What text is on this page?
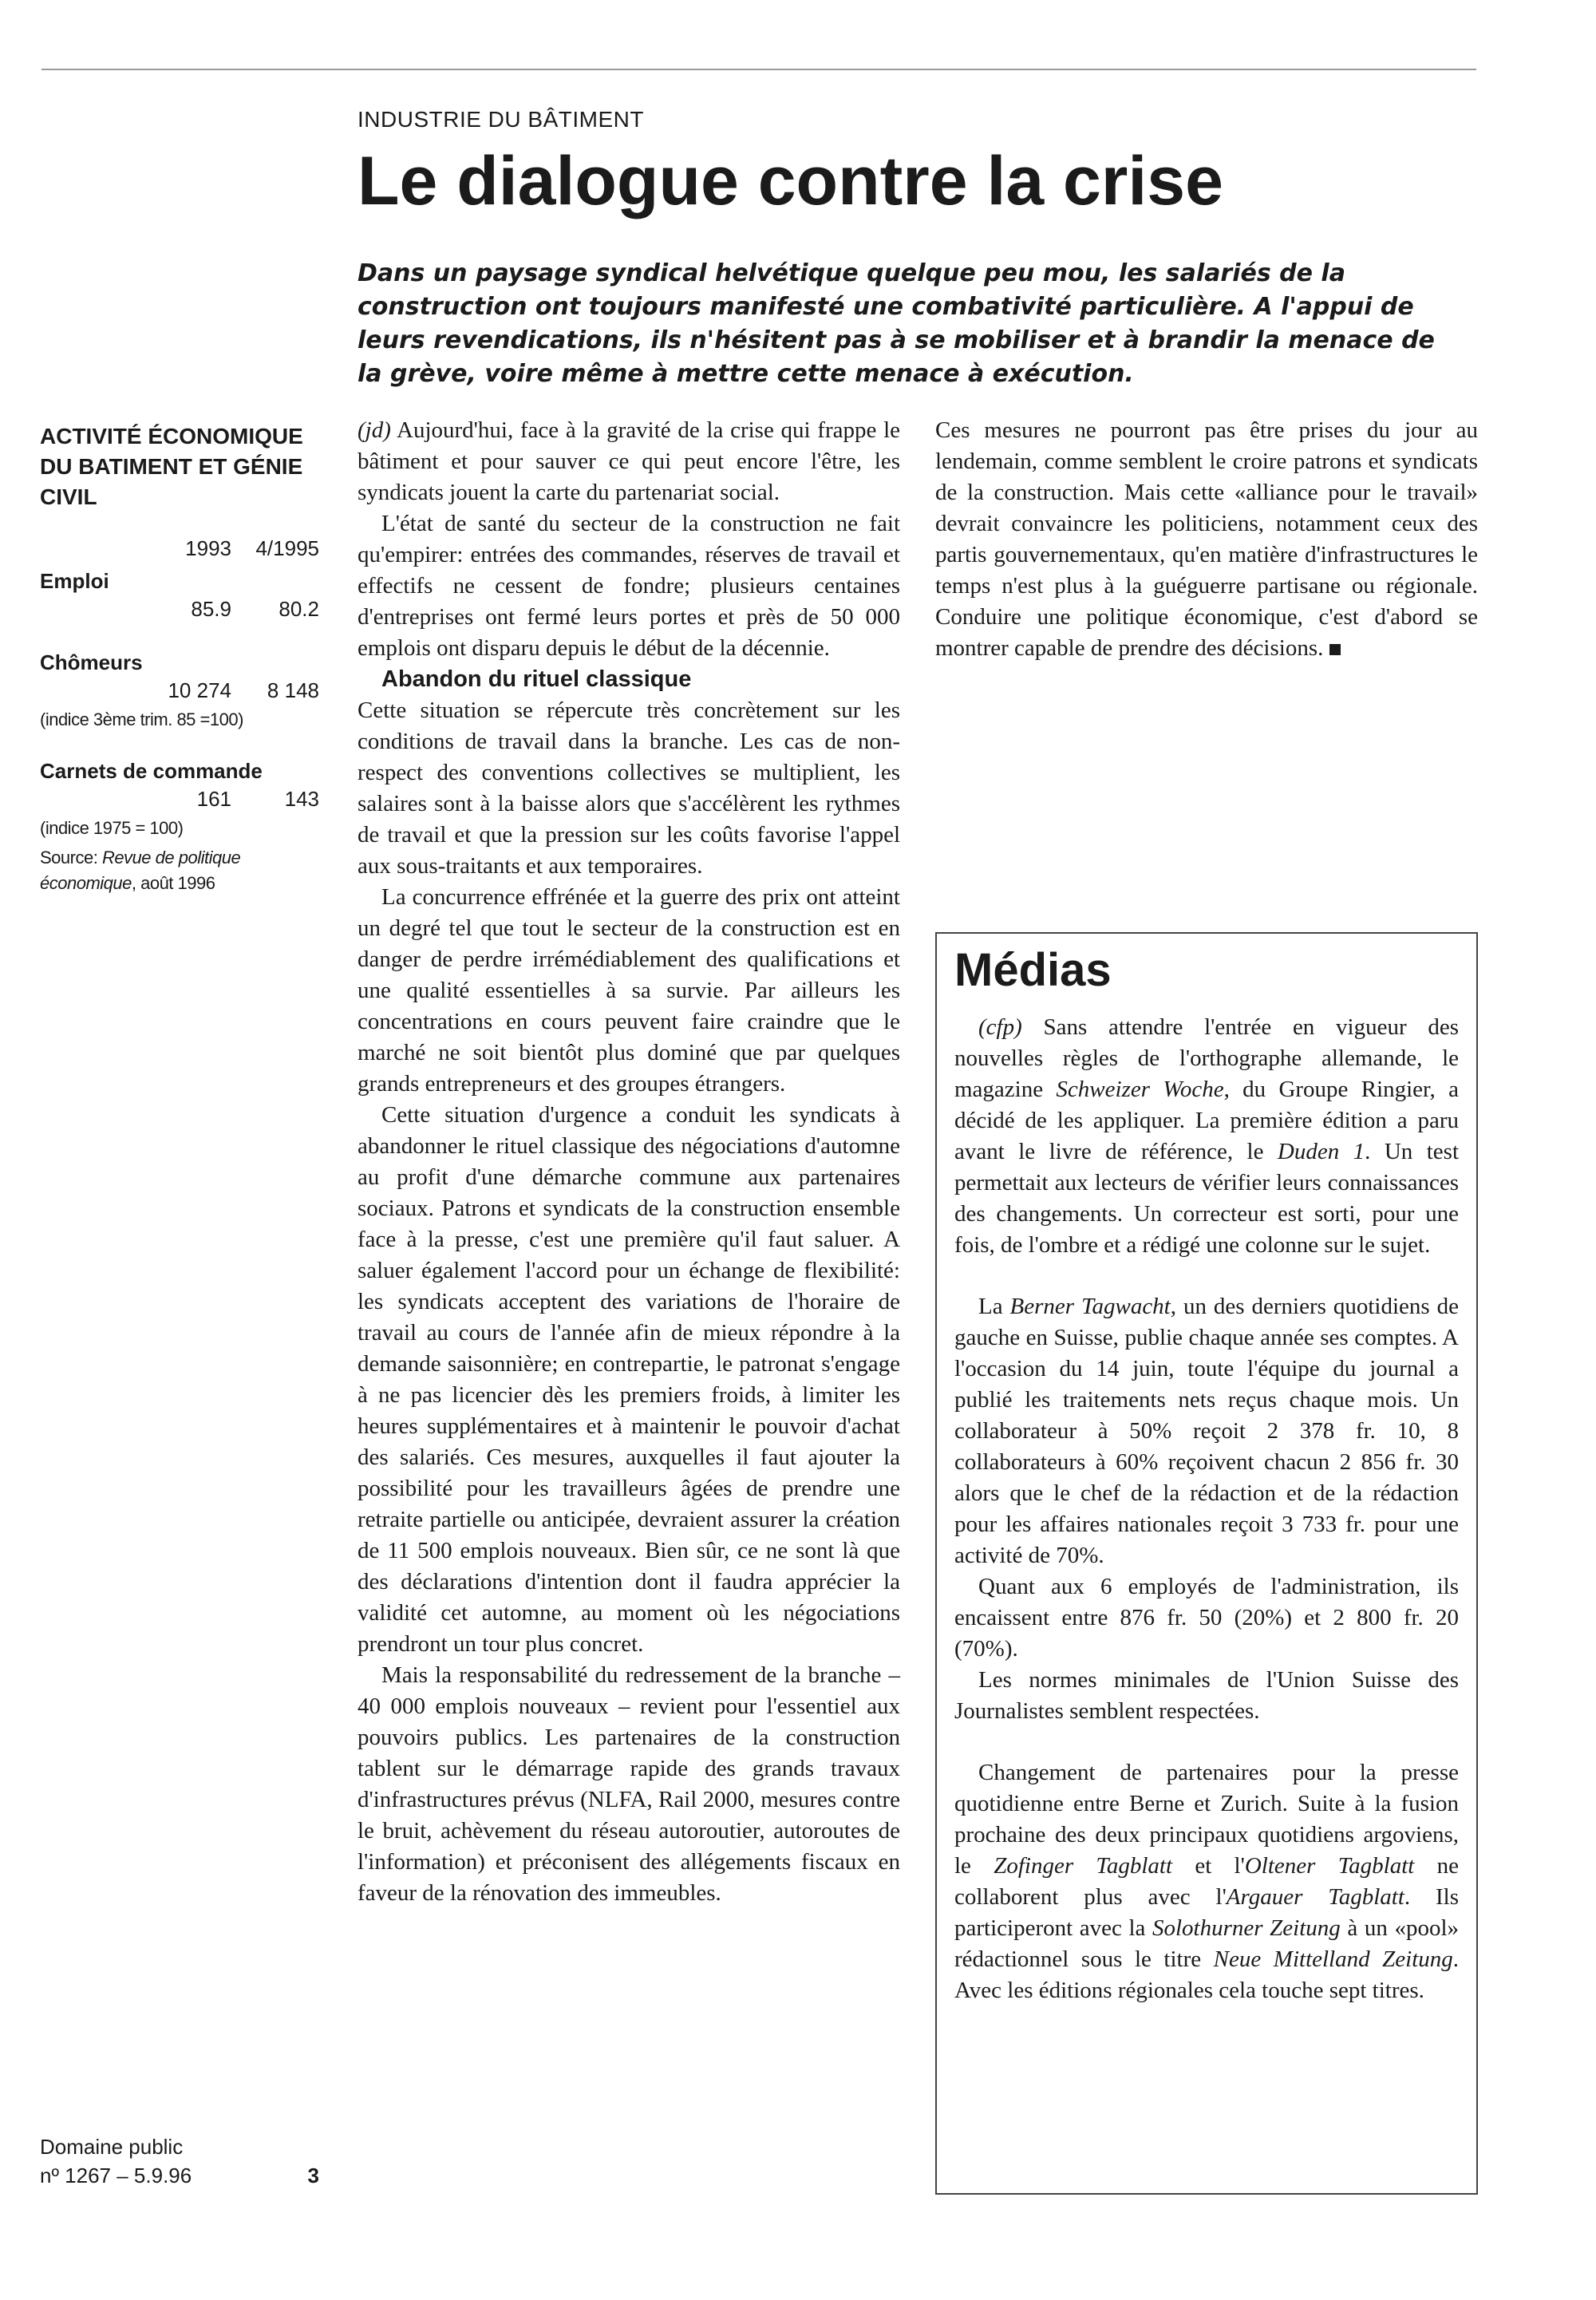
INDUSTRIE DU BÂTIMENT
Le dialogue contre la crise

Dans un paysage syndical helvétique quelque peu mou, les salariés de la construction ont toujours manifesté une combativité particulière. A l'appui de leurs revendications, ils n'hésitent pas à se mobiliser et à brandir la menace de la grève, voire même à mettre cette menace à exécution.

ACTIVITÉ ÉCONOMIQUE DU BATIMENT ET GÉNIE CIVIL
1993 4/1995
Emploi
85.9 80.2
Chômeurs
10 274 8 148
(indice 3ème trim. 85 =100)
Carnets de commande
161	143
(indice 1975 = 100)
Source: Revue de politique économique, août 1996
Domaine public
nº 1267 – 5.9.96	3

(jd) Aujourd'hui, face à la gravité de la crise qui frappe le bâtiment et pour sauver ce qui peut encore l'être, les syndicats jouent la carte du partenariat social.

L'état de santé du secteur de la construction ne fait qu'empirer: entrées des commandes, réserves de travail et effectifs ne cessent de fondre; plusieurs centaines d'entreprises ont fermé leurs portes et près de 50 000 emplois ont disparu depuis le début de la décennie.

Abandon du rituel classique

Cette situation se répercute très concrètement sur les conditions de travail dans la branche. Les cas de non-respect des conventions collectives se multiplient, les salaires sont à la baisse alors que s'accélèrent les rythmes de travail et que la pression sur les coûts favorise l'appel aux sous-traitants et aux temporaires.

La concurrence effrénée et la guerre des prix ont atteint un degré tel que tout le secteur de la construction est en danger de perdre irrémédiablement des qualifications et une qualité essentielles à sa survie. Par ailleurs les concentrations en cours peuvent faire craindre que le marché ne soit bientôt plus dominé que par quelques grands entrepreneurs et des groupes étrangers.

Cette situation d'urgence a conduit les syndicats à abandonner le rituel classique des négociations d'automne au profit d'une démarche commune aux partenaires sociaux. Patrons et syndicats de la construction ensemble face à la presse, c'est une première qu'il faut saluer. A saluer également l'accord pour un échange de flexibilité: les syndicats acceptent des variations de l'horaire de travail au cours de l'année afin de mieux répondre à la demande saisonnière; en contrepartie, le patronat s'engage à ne pas licencier dès les premiers froids, à limiter les heures supplémentaires et à maintenir le pouvoir d'achat des salariés. Ces mesures, auxquelles il faut ajouter la possibilité pour les travailleurs âgées de prendre une retraite partielle ou anticipée, devraient assurer la création de 11 500 emplois nouveaux. Bien sûr, ce ne sont là que des déclarations d'intention dont il faudra apprécier la validité cet automne, au moment où les négociations prendront un tour plus concret.

Mais la responsabilité du redressement de la branche – 40 000 emplois nouveaux – revient pour l'essentiel aux pouvoirs publics. Les partenaires de la construction tablent sur le démarrage rapide des grands travaux d'infrastructures prévus (NLFA, Rail 2000, mesures contre le bruit, achèvement du réseau autoroutier, autoroutes de l'information) et préconisent des allégements fiscaux en faveur de la rénovation des immeubles.

Ces mesures ne pourront pas être prises du jour au lendemain, comme semblent le croire patrons et syndicats de la construction. Mais cette «alliance pour le travail» devrait convaincre les politiciens, notamment ceux des partis gouvernementaux, qu'en matière d'infrastructures le temps n'est plus à la guéguerre partisane ou régionale. Conduire une politique économique, c'est d'abord se montrer capable de prendre des décisions.

Médias

(cfp) Sans attendre l'entrée en vigueur des nouvelles règles de l'orthographe allemande, le magazine Schweizer Woche, du Groupe Ringier, a décidé de les appliquer. La première édition a paru avant le livre de référence, le Duden 1. Un test permettait aux lecteurs de vérifier leurs connaissances des changements. Un correcteur est sorti, pour une fois, de l'ombre et a rédigé une colonne sur le sujet.

La Berner Tagwacht, un des derniers quotidiens de gauche en Suisse, publie chaque année ses comptes. A l'occasion du 14 juin, toute l'équipe du journal a publié les traitements nets reçus chaque mois. Un collaborateur à 50% reçoit 2 378 fr. 10, 8 collaborateurs à 60% reçoivent chacun 2 856 fr. 30 alors que le chef de la rédaction et de la rédaction pour les affaires nationales reçoit 3 733 fr. pour une activité de 70%.

Quant aux 6 employés de l'administration, ils encaissent entre 876 fr. 50 (20%) et 2 800 fr. 20 (70%).

Les normes minimales de l'Union Suisse des Journalistes semblent respectées.

Changement de partenaires pour la presse quotidienne entre Berne et Zurich. Suite à la fusion prochaine des deux principaux quotidiens argoviens, le Zofinger Tagblatt et l'Oltener Tagblatt ne collaborent plus avec l'Argauer Tagblatt. Ils participeront avec la Solothurner Zeitung à un «pool» rédactionnel sous le titre Neue Mittelland Zeitung. Avec les éditions régionales cela touche sept titres.
